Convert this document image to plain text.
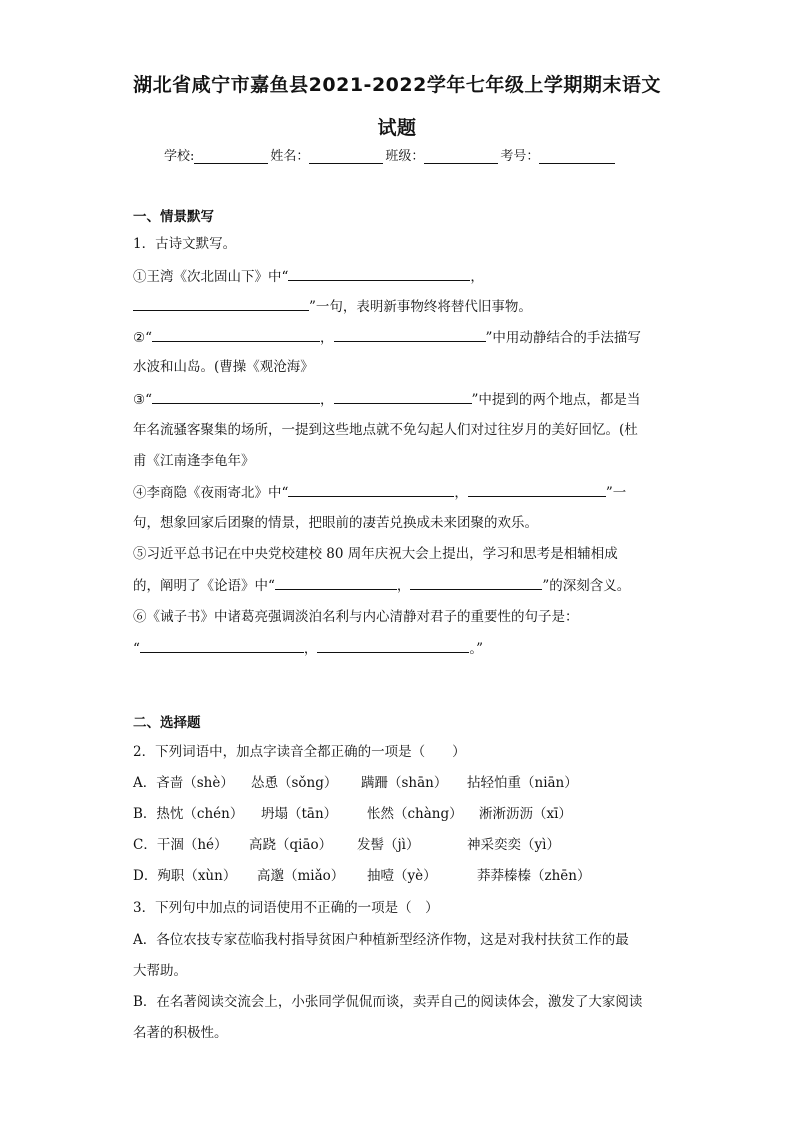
湖北省咸宁市嘉鱼县2021-2022学年七年级上学期期末语文
试题
学校:	姓名：	班级：	考号：
一、情景默写
1．古诗文默写。
①王湾《次北固山下》中“	，
”一句，表明新事物终将替代旧事物。
②“	，	”中用动静结合的手法描写
水波和山岛。(曹操《观沧海》
③“	，	”中提到的两个地点，都是当
年名流骚客聚集的场所，一提到这些地点就不免勾起人们对过往岁月的美好回忆。(杜
甫《江南逢李龟年》
④李商隐《夜雨寄北》中“	，	”一
句，想象回家后团聚的情景，把眼前的凄苦兑换成未来团聚的欢乐。
⑤习近平总书记在中央党校建校 80 周年庆祝大会上提出，学习和思考是相辅相成
的，阐明了《论语》中“	，	”的深刻含义。
⑥《诫子书》中诸葛亮强调淡泊名利与内心清静对君子的重要性的句子是：
“	，	。”
二、选择题
2．下列词语中，加点字读音全都正确的一项是（　　）
A．吝啬（shè） 怂恿（sǒng） 蹒跚（shān） 拈轻怕重（niān）
B．热忱（chén） 坍塌（tān） 怅然（chàng） 淅淅沥沥（xī）
C．干涸（hé） 高跷（qiāo） 发髻（jì）	神采奕奕（yì）
D．殉职（xùn） 高邈（miǎo） 抽噎（yè）	莽莽榛榛（zhēn）
3．下列句中加点的词语使用不正确的一项是（　）
A．各位农技专家莅临我村指导贫困户种植新型经济作物，这是对我村扶贫工作的最
大帮助。
B．在名著阅读交流会上，小张同学侃侃而谈，卖弄自己的阅读体会，激发了大家阅读
名著的积极性。
